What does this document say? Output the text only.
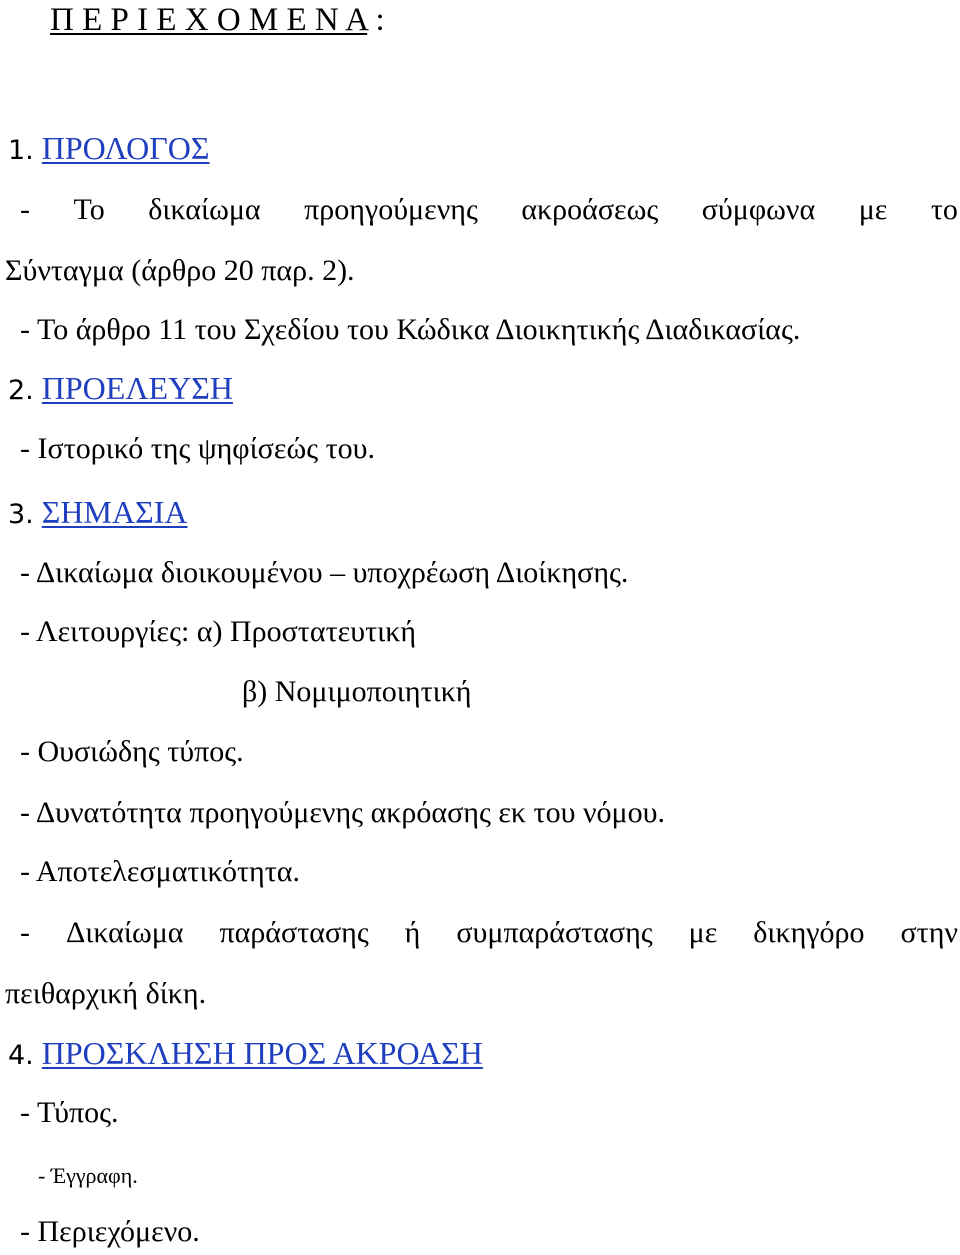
Π Ε Ρ Ι Ε Χ Ο Μ Ε Ν Α :
1. ΠΡΟΛΟΓΟΣ
- Το δικαίωμα προηγούμενης ακροάσεως σύμφωνα με το
Σύνταγμα (άρθρο 20 παρ. 2).
- Το άρθρο 11 του Σχεδίου του Κώδικα Διοικητικής Διαδικασίας.
2. ΠΡΟΕΛΕΥΣΗ
- Ιστορικό της ψηφίσεώς του.
3. ΣΗΜΑΣΙΑ
- Δικαίωμα διοικουμένου – υποχρέωση Διοίκησης.
- Λειτουργίες: α) Προστατευτική
β) Νομιμοποιητική
- Ουσιώδης τύπος.
- Δυνατότητα προηγούμενης ακρόασης εκ του νόμου.
- Αποτελεσματικότητα.
- Δικαίωμα παράστασης ή συμπαράστασης με δικηγόρο στην
πειθαρχική δίκη.
4. ΠΡΟΣΚΛΗΣΗ ΠΡΟΣ ΑΚΡΟΑΣΗ
- Τύπος.
- Έγγραφη.
- Περιεχόμενο.
